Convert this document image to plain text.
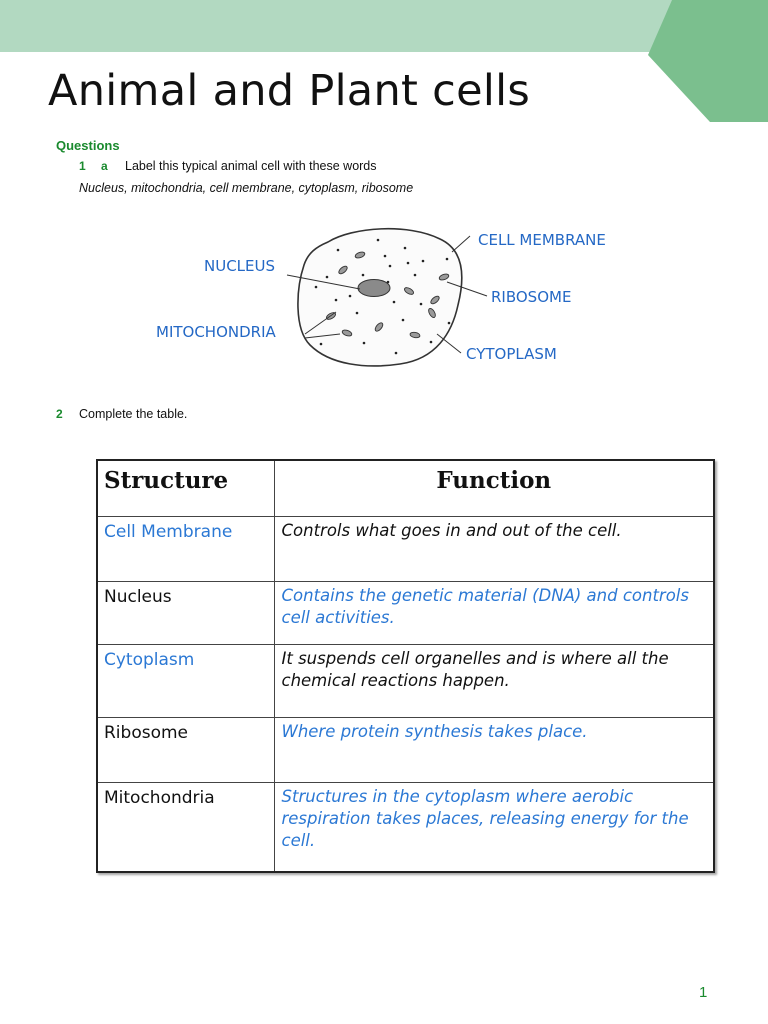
Animal and Plant cells
Questions
1 a Label this typical animal cell with these words
Nucleus, mitochondria, cell membrane, cytoplasm, ribosome
NUCLEUS
MITOCHONDRIA
CELL MEMBRANE
RIBOSOME
CYTOPLASM
2 Complete the table.
Structure	Function
Cell Membrane	Controls what goes in and out of the cell.
Nucleus	Contains the genetic material (DNA) and controls cell activities.
Cytoplasm	It suspends cell organelles and is where all the chemical reactions happen.
Ribosome	Where protein synthesis takes place.
Mitochondria	Structures in the cytoplasm where aerobic respiration takes places, releasing energy for the cell.
1
